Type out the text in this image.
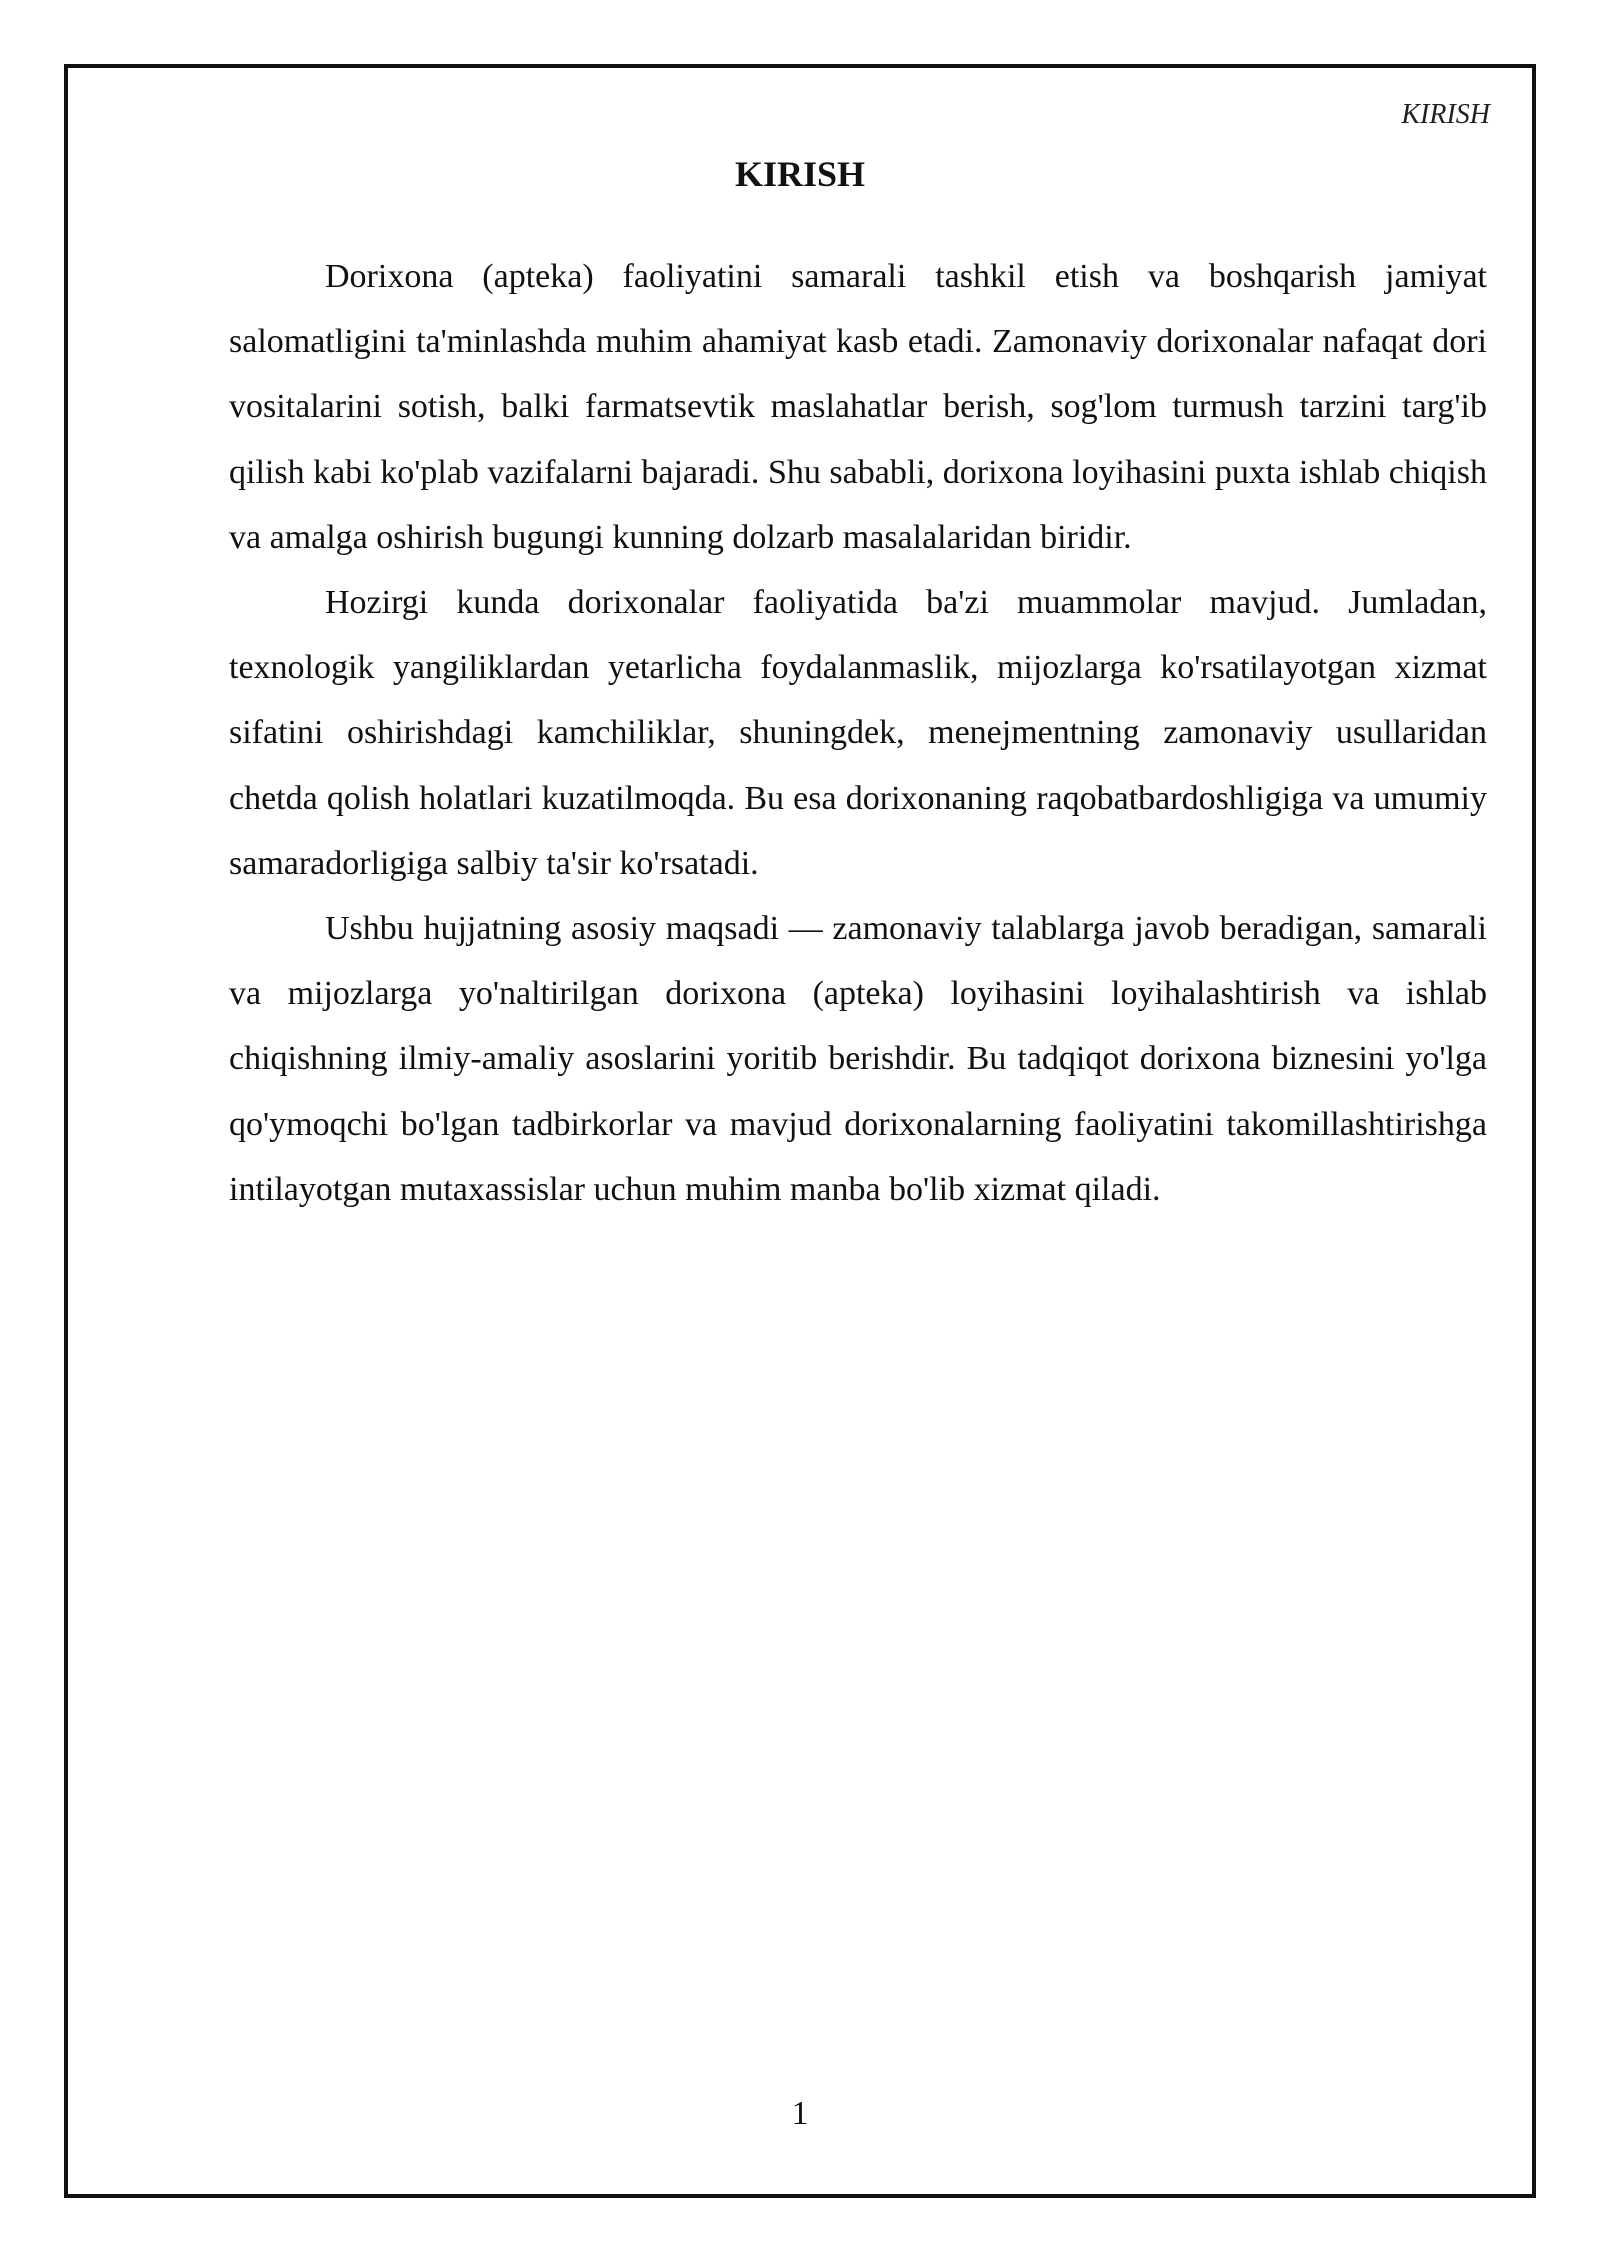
KIRISH
KIRISH

Dorixona (apteka) faoliyatini samarali tashkil etish va boshqarish jamiyat salomatligini ta'minlashda muhim ahamiyat kasb etadi. Zamonaviy dorixonalar nafaqat dori vositalarini sotish, balki farmatsevtik maslahatlar berish, sog'lom turmush tarzini targ'ib qilish kabi ko'plab vazifalarni bajaradi. Shu sababli, dorixona loyihasini puxta ishlab chiqish va amalga oshirish bugungi kunning dolzarb masalalaridan biridir.

Hozirgi kunda dorixonalar faoliyatida ba'zi muammolar mavjud. Jumladan, texnologik yangiliklardan yetarlicha foydalanmaslik, mijozlarga ko'rsatilayotgan xizmat sifatini oshirishdagi kamchiliklar, shuningdek, menejmentning zamonaviy usullaridan chetda qolish holatlari kuzatilmoqda. Bu esa dorixonaning raqobatbardoshligiga va umumiy samaradorligiga salbiy ta'sir ko'rsatadi.

Ushbu hujjatning asosiy maqsadi — zamonaviy talablarga javob beradigan, samarali va mijozlarga yo'naltirilgan dorixona (apteka) loyihasini loyihalashtirish va ishlab chiqishning ilmiy-amaliy asoslarini yoritib berishdir. Bu tadqiqot dorixona biznesini yo'lga qo'ymoqchi bo'lgan tadbirkorlar va mavjud dorixonalarning faoliyatini takomillashtirishga intilayotgan mutaxassislar uchun muhim manba bo'lib xizmat qiladi.

1
